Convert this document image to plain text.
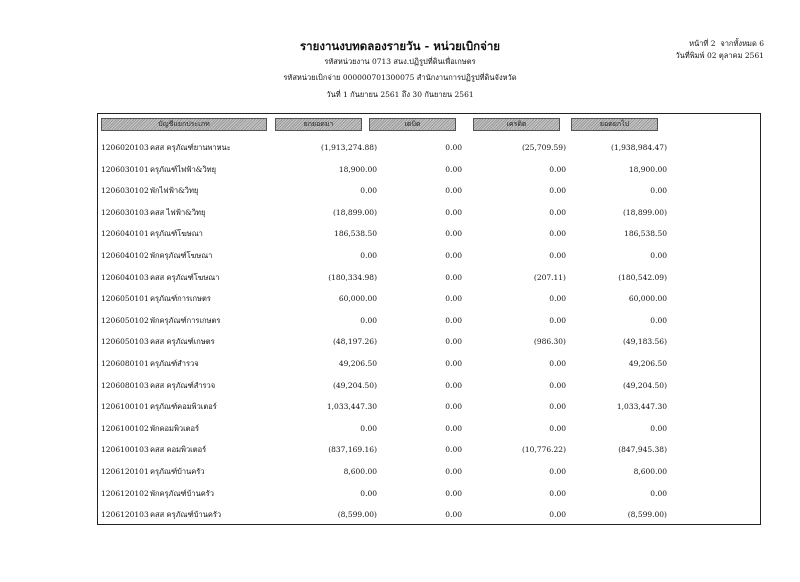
รายงานงบทดลองรายวัน - หน่วยเบิกจ่าย
รหัสหน่วยงาน 0713 สนง.ปฏิรูปที่ดินเพื่อเกษตร
รหัสหน่วยเบิกจ่าย 000000701300075 สำนักงานการปฏิรูปที่ดินจังหวัด
วันที่ 1 กันยายน 2561 ถึง 30 กันยายน 2561
หน้าที่ 2 จากทั้งหมด 6
วันที่พิมพ์ 02 ตุลาคม 2561
บัญชีแยกประเภท	ยกยอดมา	เดบิต	เครดิต	ยอดยกไป
1206020103 คสส ครุภัณฑ์ยานพาหนะ	(1,913,274.88)	0.00	(25,709.59)	(1,938,984.47)
1206030101 ครุภัณฑ์ไฟฟ้า&วิทยุ	18,900.00	0.00	0.00	18,900.00
1206030102 พักไฟฟ้า&วิทยุ	0.00	0.00	0.00	0.00
1206030103 คสส ไฟฟ้า&วิทยุ	(18,899.00)	0.00	0.00	(18,899.00)
1206040101 ครุภัณฑ์โฆษณา	186,538.50	0.00	0.00	186,538.50
1206040102 พักครุภัณฑ์โฆษณา	0.00	0.00	0.00	0.00
1206040103 คสส ครุภัณฑ์โฆษณา	(180,334.98)	0.00	(207.11)	(180,542.09)
1206050101 ครุภัณฑ์การเกษตร	60,000.00	0.00	0.00	60,000.00
1206050102 พักครุภัณฑ์การเกษตร	0.00	0.00	0.00	0.00
1206050103 คสส ครุภัณฑ์เกษตร	(48,197.26)	0.00	(986.30)	(49,183.56)
1206080101 ครุภัณฑ์สำรวจ	49,206.50	0.00	0.00	49,206.50
1206080103 คสส ครุภัณฑ์สำรวจ	(49,204.50)	0.00	0.00	(49,204.50)
1206100101 ครุภัณฑ์คอมพิวเตอร์	1,033,447.30	0.00	0.00	1,033,447.30
1206100102 พักคอมพิวเตอร์	0.00	0.00	0.00	0.00
1206100103 คสส คอมพิวเตอร์	(837,169.16)	0.00	(10,776.22)	(847,945.38)
1206120101 ครุภัณฑ์บ้านครัว	8,600.00	0.00	0.00	8,600.00
1206120102 พักครุภัณฑ์บ้านครัว	0.00	0.00	0.00	0.00
1206120103 คสส ครุภัณฑ์บ้านครัว	(8,599.00)	0.00	0.00	(8,599.00)
